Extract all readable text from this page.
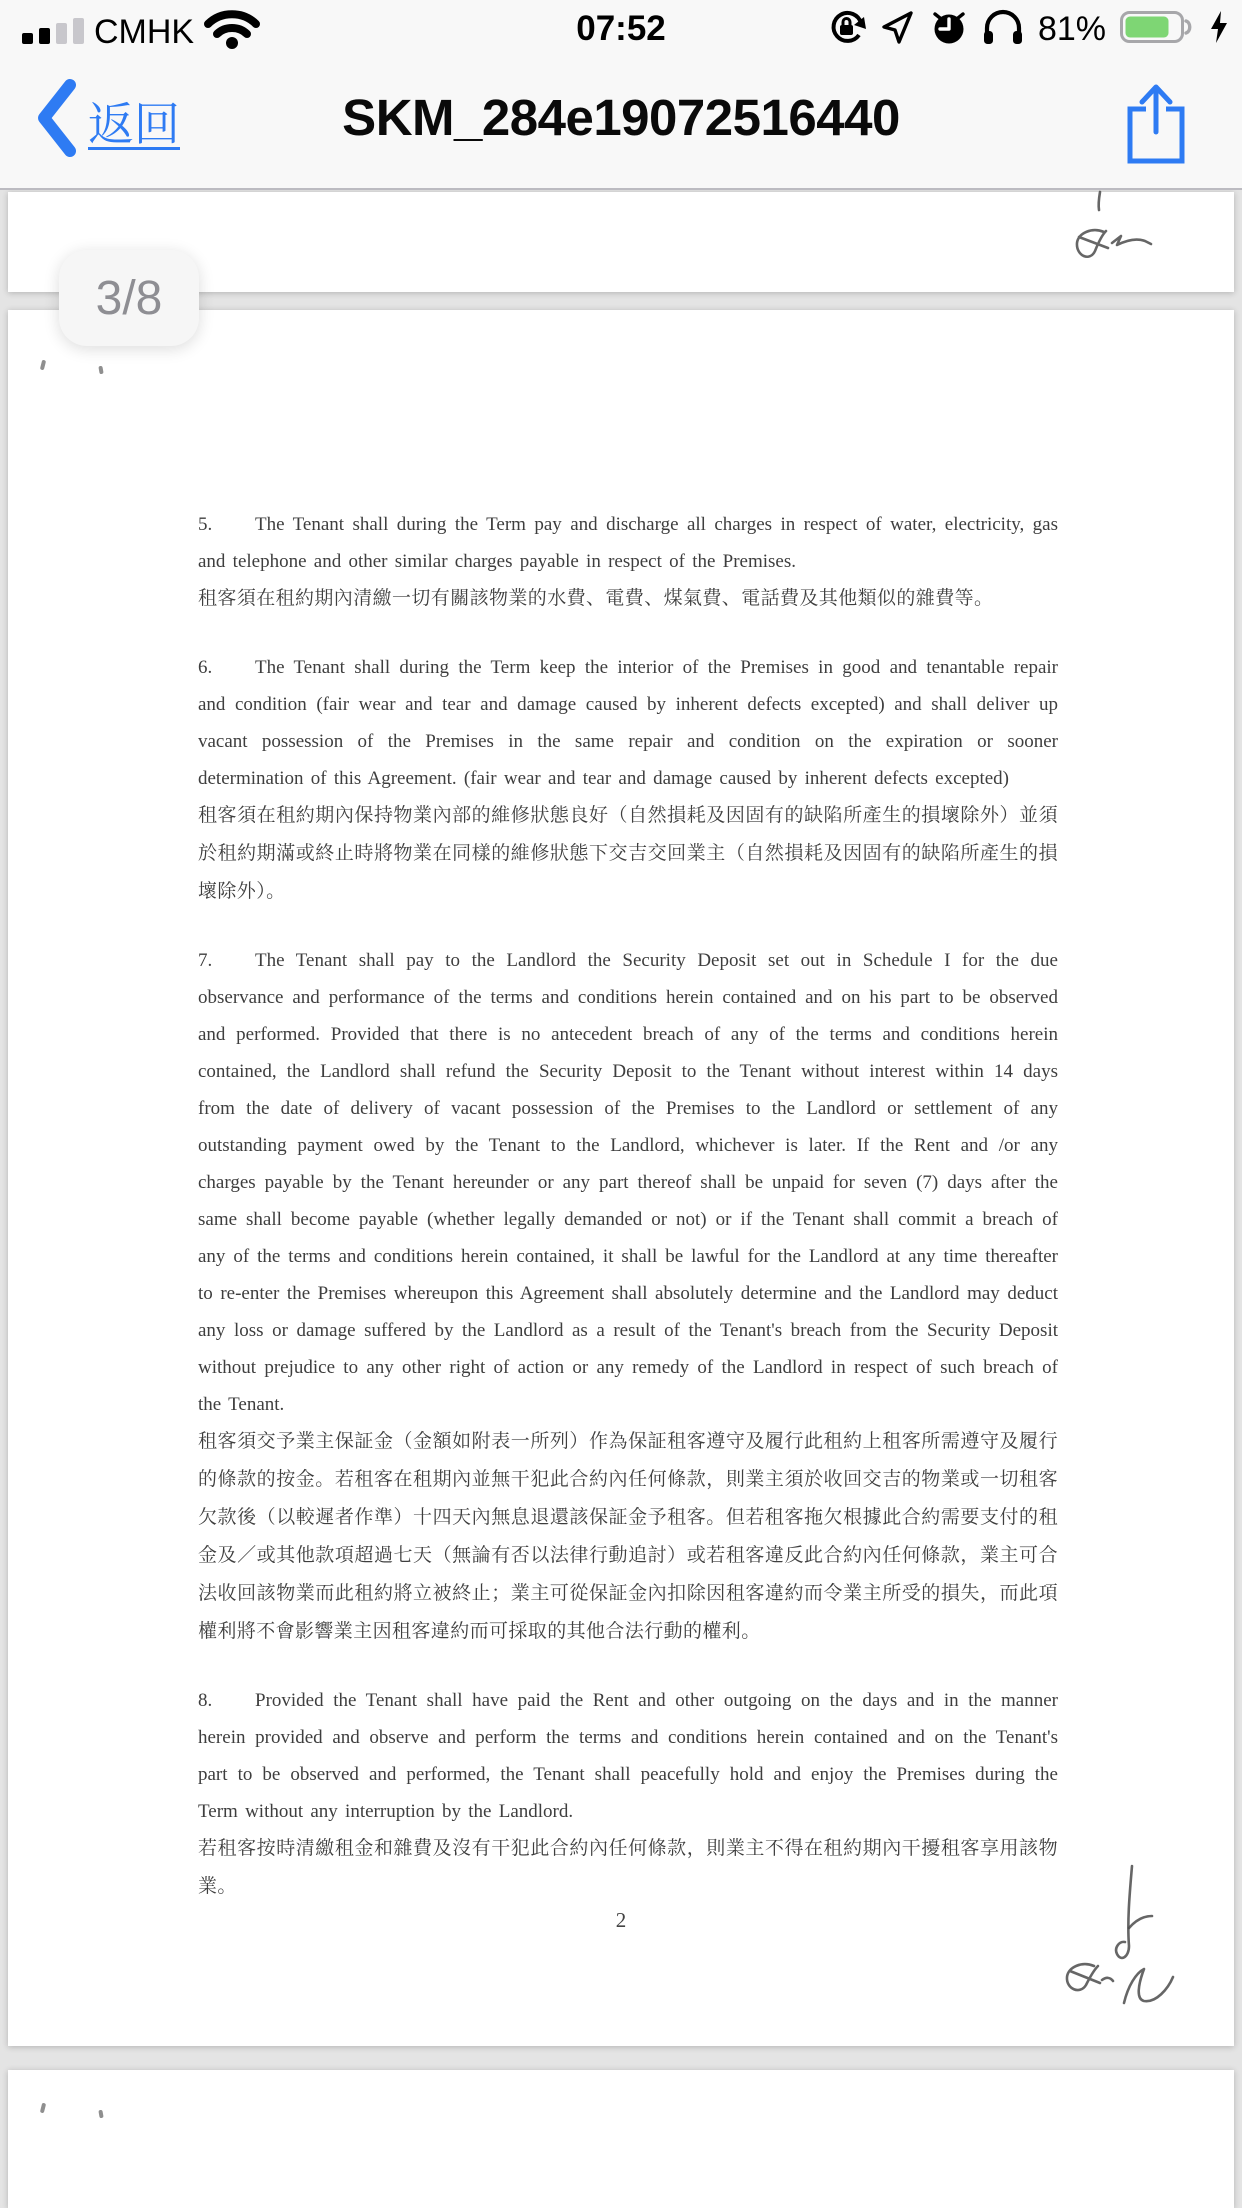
CMHK	07:52	81%
返回	SKM_284e19072516440

5. The Tenant shall during the Term pay and discharge all charges in respect of water, electricity, gas and telephone and other similar charges payable in respect of the Premises.

租客須在租約期內清繳一切有關該物業的水費、電費、煤氣費、電話費及其他類似的雜費等。

6. The Tenant shall during the Term keep the interior of the Premises in good and tenantable repair and condition (fair wear and tear and damage caused by inherent defects excepted) and shall deliver up vacant possession of the Premises in the same repair and condition on the expiration or sooner determination of this Agreement. (fair wear and tear and damage caused by inherent defects excepted)

租客須在租約期內保持物業內部的維修狀態良好（自然損耗及因固有的缺陷所產生的損壞除外）並須於租約期滿或終止時將物業在同樣的維修狀態下交吉交回業主（自然損耗及因固有的缺陷所產生的損壞除外）。

7. The Tenant shall pay to the Landlord the Security Deposit set out in Schedule I for the due observance and performance of the terms and conditions herein contained and on his part to be observed and performed. Provided that there is no antecedent breach of any of the terms and conditions herein contained, the Landlord shall refund the Security Deposit to the Tenant without interest within 14 days from the date of delivery of vacant possession of the Premises to the Landlord or settlement of any outstanding payment owed by the Tenant to the Landlord, whichever is later. If the Rent and /or any charges payable by the Tenant hereunder or any part thereof shall be unpaid for seven (7) days after the same shall become payable (whether legally demanded or not) or if the Tenant shall commit a breach of any of the terms and conditions herein contained, it shall be lawful for the Landlord at any time thereafter to re-enter the Premises whereupon this Agreement shall absolutely determine and the Landlord may deduct any loss or damage suffered by the Landlord as a result of the Tenant's breach from the Security Deposit without prejudice to any other right of action or any remedy of the Landlord in respect of such breach of the Tenant.

租客須交予業主保証金（金額如附表一所列）作為保証租客遵守及履行此租約上租客所需遵守及履行的條款的按金。若租客在租期內並無干犯此合約內任何條款，則業主須於收回交吉的物業或一切租客欠款後（以較遲者作準）十四天內無息退還該保証金予租客。但若租客拖欠根據此合約需要支付的租金及／或其他款項超過七天（無論有否以法律行動追討）或若租客違反此合約內任何條款，業主可合法收回該物業而此租約將立被終止；業主可從保証金內扣除因租客違約而令業主所受的損失，而此項權利將不會影響業主因租客違約而可採取的其他合法行動的權利。

8. Provided the Tenant shall have paid the Rent and other outgoing on the days and in the manner herein provided and observe and perform the terms and conditions herein contained and on the Tenant's part to be observed and performed, the Tenant shall peacefully hold and enjoy the Premises during the Term without any interruption by the Landlord.

若租客按時清繳租金和雜費及沒有干犯此合約內任何條款，則業主不得在租約期內干擾租客享用該物業。

2
3/8
